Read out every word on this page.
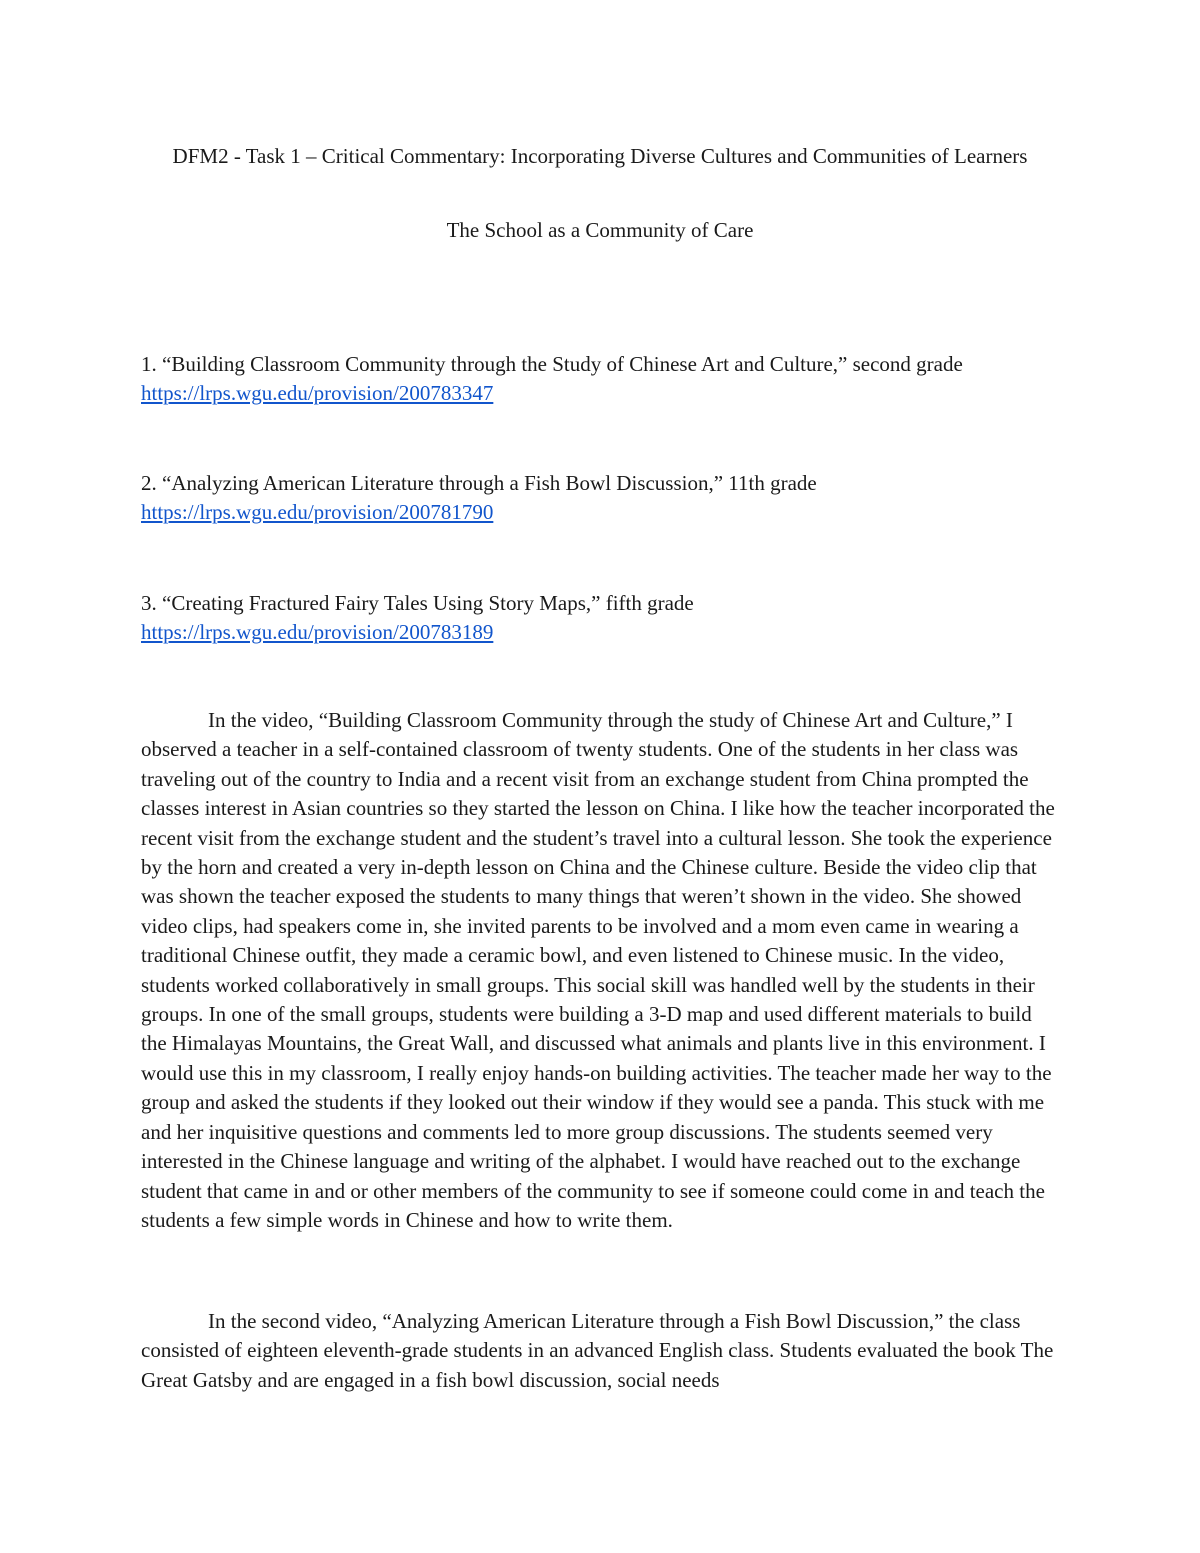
DFM2 - Task 1 – Critical Commentary: Incorporating Diverse Cultures and Communities of Learners
The School as a Community of Care
1. “Building Classroom Community through the Study of Chinese Art and Culture,” second grade https://lrps.wgu.edu/provision/200783347
2. “Analyzing American Literature through a Fish Bowl Discussion,” 11th grade
https://lrps.wgu.edu/provision/200781790
3. “Creating Fractured Fairy Tales Using Story Maps,” fifth grade
https://lrps.wgu.edu/provision/200783189

In the video, “Building Classroom Community through the study of Chinese Art and Culture,” I observed a teacher in a self-contained classroom of twenty students. One of the students in her class was traveling out of the country to India and a recent visit from an exchange student from China prompted the classes interest in Asian countries so they started the lesson on China. I like how the teacher incorporated the recent visit from the exchange student and the student’s travel into a cultural lesson. She took the experience by the horn and created a very in-depth lesson on China and the Chinese culture. Beside the video clip that was shown the teacher exposed the students to many things that weren’t shown in the video. She showed video clips, had speakers come in, she invited parents to be involved and a mom even came in wearing a traditional Chinese outfit, they made a ceramic bowl, and even listened to Chinese music. In the video, students worked collaboratively in small groups. This social skill was handled well by the students in their groups. In one of the small groups, students were building a 3-D map and used different materials to build the Himalayas Mountains, the Great Wall, and discussed what animals and plants live in this environment. I would use this in my classroom, I really enjoy hands-on building activities. The teacher made her way to the group and asked the students if they looked out their window if they would see a panda. This stuck with me and her inquisitive questions and comments led to more group discussions. The students seemed very interested in the Chinese language and writing of the alphabet. I would have reached out to the exchange student that came in and or other members of the community to see if someone could come in and teach the students a few simple words in Chinese and how to write them.

In the second video, “Analyzing American Literature through a Fish Bowl Discussion,” the class consisted of eighteen eleventh-grade students in an advanced English class. Students evaluated the book The Great Gatsby and are engaged in a fish bowl discussion, social needs
